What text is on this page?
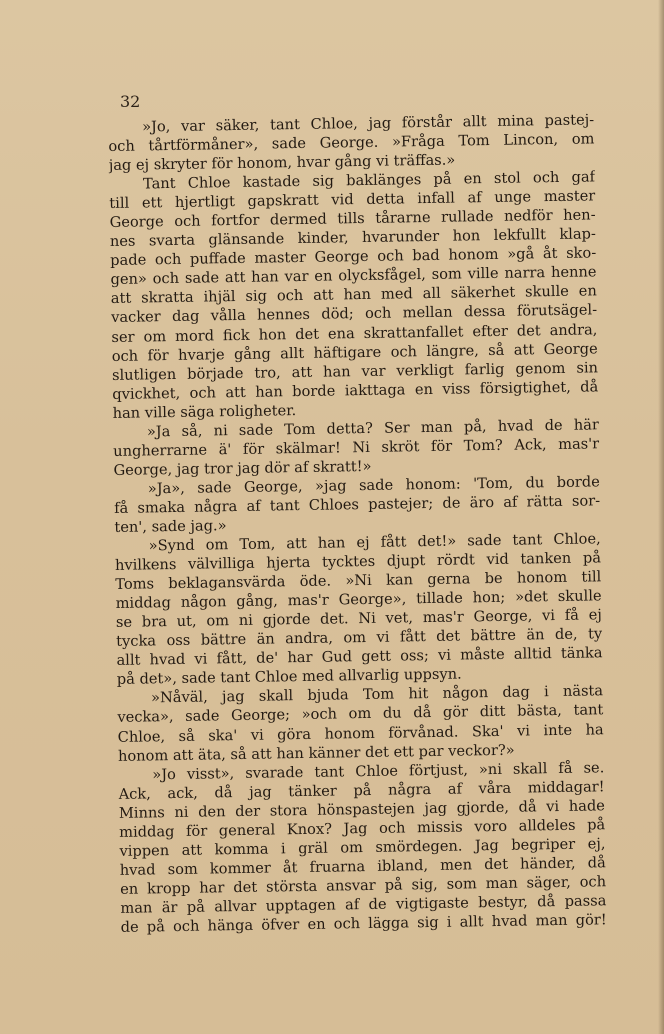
32
»Jo, var säker, tant Chloe, jag förstår allt mina pastej-
och tårtförmåner», sade George. »Fråga Tom Lincon, om
jag ej skryter för honom, hvar gång vi träffas.»
Tant Chloe kastade sig baklänges på en stol och gaf
till ett hjertligt gapskratt vid detta infall af unge master
George och fortfor dermed tills tårarne rullade nedför hen-
nes svarta glänsande kinder, hvarunder hon lekfullt klap-
pade och puffade master George och bad honom »gå åt sko-
gen» och sade att han var en olycksfågel, som ville narra henne
att skratta ihjäl sig och att han med all säkerhet skulle en
vacker dag vålla hennes död; och mellan dessa förutsägel-
ser om mord fick hon det ena skrattanfallet efter det andra,
och för hvarje gång allt häftigare och längre, så att George
slutligen började tro, att han var verkligt farlig genom sin
qvickhet, och att han borde iakttaga en viss försigtighet, då
han ville säga roligheter.
»Ja så, ni sade Tom detta? Ser man på, hvad de här
ungherrarne ä' för skälmar! Ni skröt för Tom? Ack, mas'r
George, jag tror jag dör af skratt!»
»Ja», sade George, »jag sade honom: 'Tom, du borde
få smaka några af tant Chloes pastejer; de äro af rätta sor-
ten', sade jag.»
»Synd om Tom, att han ej fått det!» sade tant Chloe,
hvilkens välvilliga hjerta tycktes djupt rördt vid tanken på
Toms beklagansvärda öde. »Ni kan gerna be honom till
middag någon gång, mas'r George», tillade hon; »det skulle
se bra ut, om ni gjorde det. Ni vet, mas'r George, vi få ej
tycka oss bättre än andra, om vi fått det bättre än de, ty
allt hvad vi fått, de' har Gud gett oss; vi måste alltid tänka
på det», sade tant Chloe med allvarlig uppsyn.
»Nåväl, jag skall bjuda Tom hit någon dag i nästa
vecka», sade George; »och om du då gör ditt bästa, tant
Chloe, så ska' vi göra honom förvånad. Ska' vi inte ha
honom att äta, så att han känner det ett par veckor?»
»Jo visst», svarade tant Chloe förtjust, »ni skall få se.
Ack, ack, då jag tänker på några af våra middagar!
Minns ni den der stora hönspastejen jag gjorde, då vi hade
middag för general Knox? Jag och missis voro alldeles på
vippen att komma i gräl om smördegen. Jag begriper ej,
hvad som kommer åt fruarna ibland, men det händer, då
en kropp har det största ansvar på sig, som man säger, och
man är på allvar upptagen af de vigtigaste bestyr, då passa
de på och hänga öfver en och lägga sig i allt hvad man gör!
